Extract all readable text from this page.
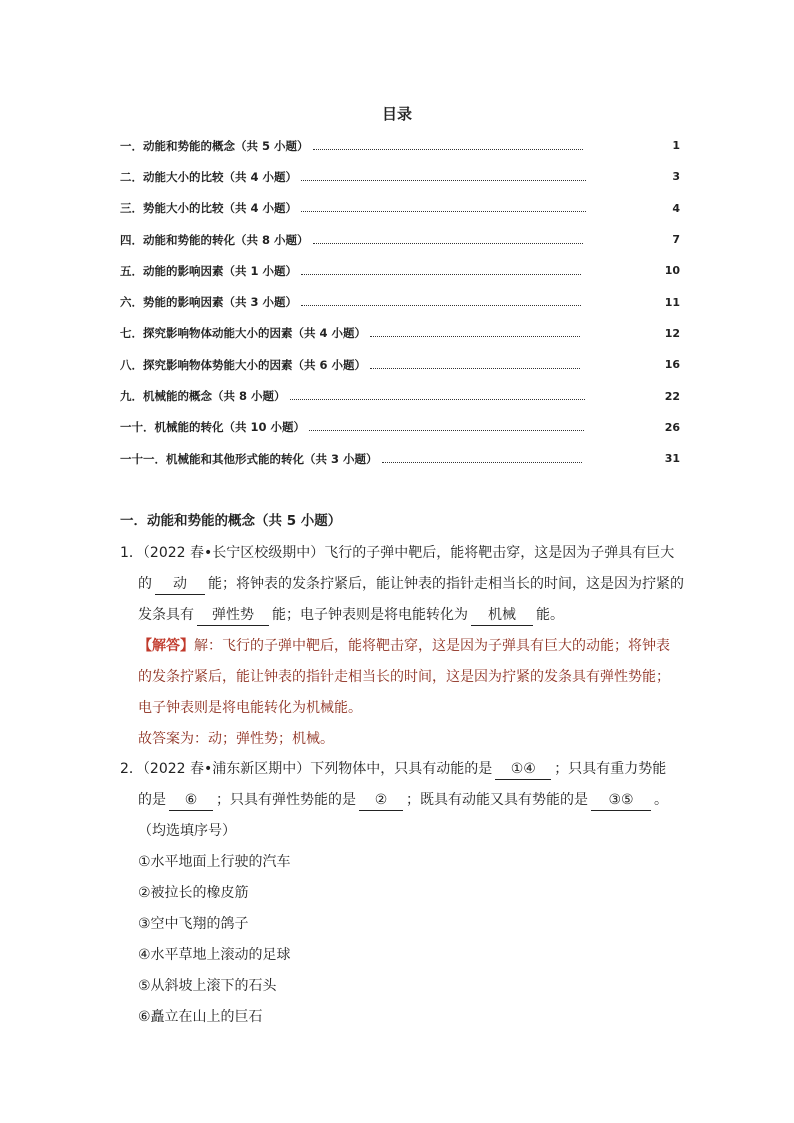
目录
一．动能和势能的概念（共 5 小题）	1
二．动能大小的比较（共 4 小题）	3
三．势能大小的比较（共 4 小题）	4
四．动能和势能的转化（共 8 小题）	7
五．动能的影响因素（共 1 小题）	10
六．势能的影响因素（共 3 小题）	11
七．探究影响物体动能大小的因素（共 4 小题）	12
八．探究影响物体势能大小的因素（共 6 小题）	16
九．机械能的概念（共 8 小题）	22
一十．机械能的转化（共 10 小题）	26
一十一．机械能和其他形式能的转化（共 3 小题）	31
一．动能和势能的概念（共 5 小题）
1．（2022 春•长宁区校级期中）飞行的子弹中靶后，能将靶击穿，这是因为子弹具有巨大
的 动 能；将钟表的发条拧紧后，能让钟表的指针走相当长的时间，这是因为拧紧的
发条具有 弹性势 能；电子钟表则是将电能转化为 机械 能。
【解答】解：飞行的子弹中靶后，能将靶击穿，这是因为子弹具有巨大的动能；将钟表
的发条拧紧后，能让钟表的指针走相当长的时间，这是因为拧紧的发条具有弹性势能；
电子钟表则是将电能转化为机械能。
故答案为：动；弹性势；机械。
2．（2022 春•浦东新区期中）下列物体中，只具有动能的是 ①④ ；只具有重力势能
的是 ⑥ ；只具有弹性势能的是 ② ；既具有动能又具有势能的是 ③⑤ 。
（均选填序号）
①水平地面上行驶的汽车
②被拉长的橡皮筋
③空中飞翔的鸽子
④水平草地上滚动的足球
⑤从斜坡上滚下的石头
⑥矗立在山上的巨石
